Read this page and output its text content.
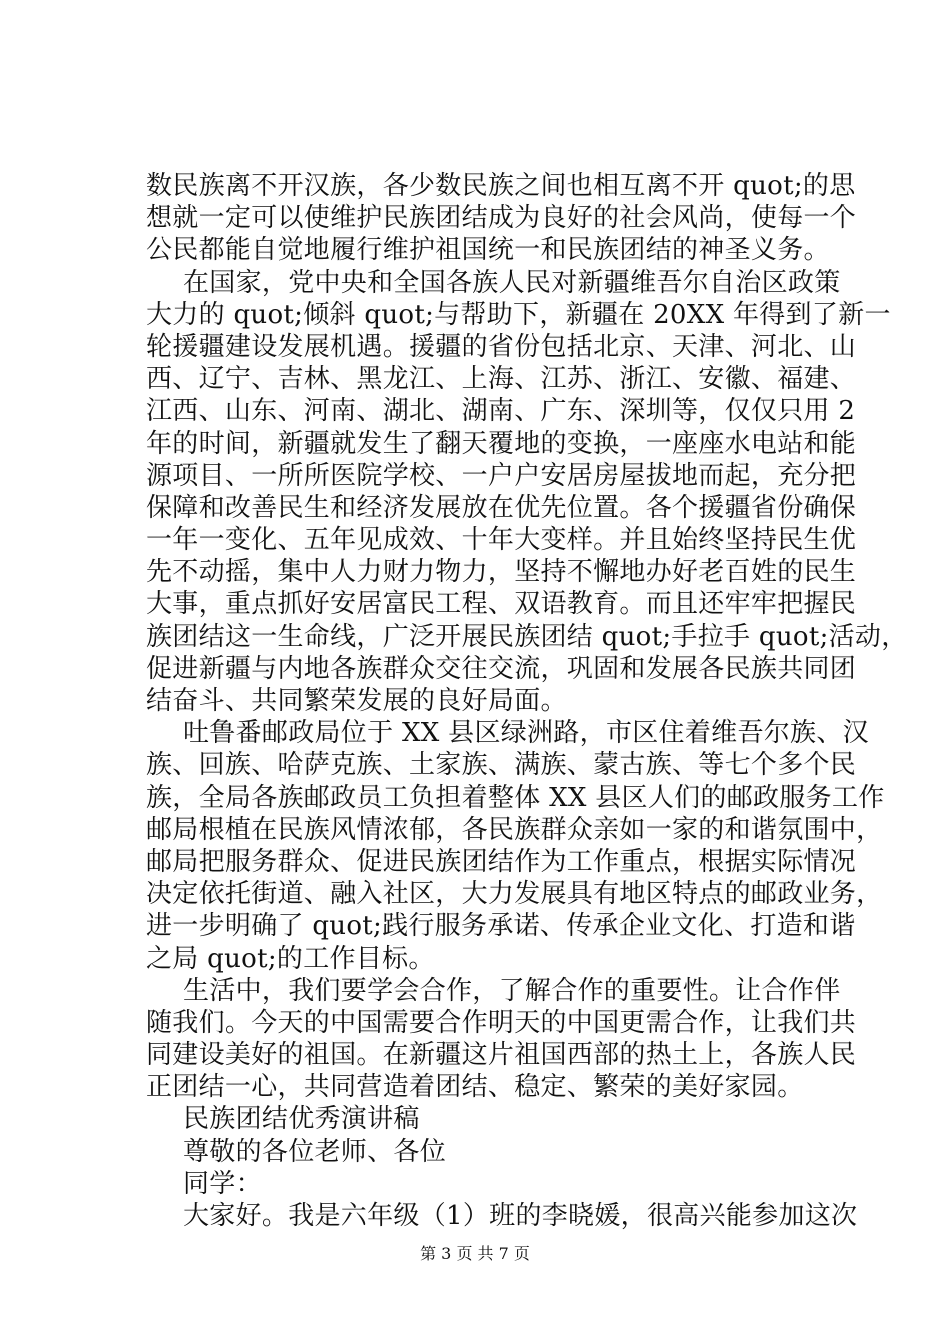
数民族离不开汉族，各少数民族之间也相互离不开 quot;的思
想就一定可以使维护民族团结成为良好的社会风尚，使每一个
公民都能自觉地履行维护祖国统一和民族团结的神圣义务。
在国家，党中央和全国各族人民对新疆维吾尔自治区政策
大力的 quot;倾斜 quot;与帮助下，新疆在 20XX 年得到了新一
轮援疆建设发展机遇。援疆的省份包括北京、天津、河北、山
西、辽宁、吉林、黑龙江、上海、江苏、浙江、安徽、福建、
江西、山东、河南、湖北、湖南、广东、深圳等，仅仅只用 2
年的时间，新疆就发生了翻天覆地的变换，一座座水电站和能
源项目、一所所医院学校、一户户安居房屋拔地而起，充分把
保障和改善民生和经济发展放在优先位置。各个援疆省份确保
一年一变化、五年见成效、十年大变样。并且始终坚持民生优
先不动摇，集中人力财力物力，坚持不懈地办好老百姓的民生
大事，重点抓好安居富民工程、双语教育。而且还牢牢把握民
族团结这一生命线，广泛开展民族团结 quot;手拉手 quot;活动，
促进新疆与内地各族群众交往交流，巩固和发展各民族共同团
结奋斗、共同繁荣发展的良好局面。
吐鲁番邮政局位于 XX 县区绿洲路，市区住着维吾尔族、汉
族、回族、哈萨克族、土家族、满族、蒙古族、等七个多个民
族，全局各族邮政员工负担着整体 XX 县区人们的邮政服务工作
邮局根植在民族风情浓郁，各民族群众亲如一家的和谐氛围中，
邮局把服务群众、促进民族团结作为工作重点，根据实际情况
决定依托街道、融入社区，大力发展具有地区特点的邮政业务，
进一步明确了 quot;践行服务承诺、传承企业文化、打造和谐
之局 quot;的工作目标。
生活中，我们要学会合作，了解合作的重要性。让合作伴
随我们。今天的中国需要合作明天的中国更需合作，让我们共
同建设美好的祖国。在新疆这片祖国西部的热土上，各族人民
正团结一心，共同营造着团结、稳定、繁荣的美好家园。
民族团结优秀演讲稿
尊敬的各位老师、各位
同学：
大家好。我是六年级（1）班的李晓媛，很高兴能参加这次
第 3 页 共 7 页
